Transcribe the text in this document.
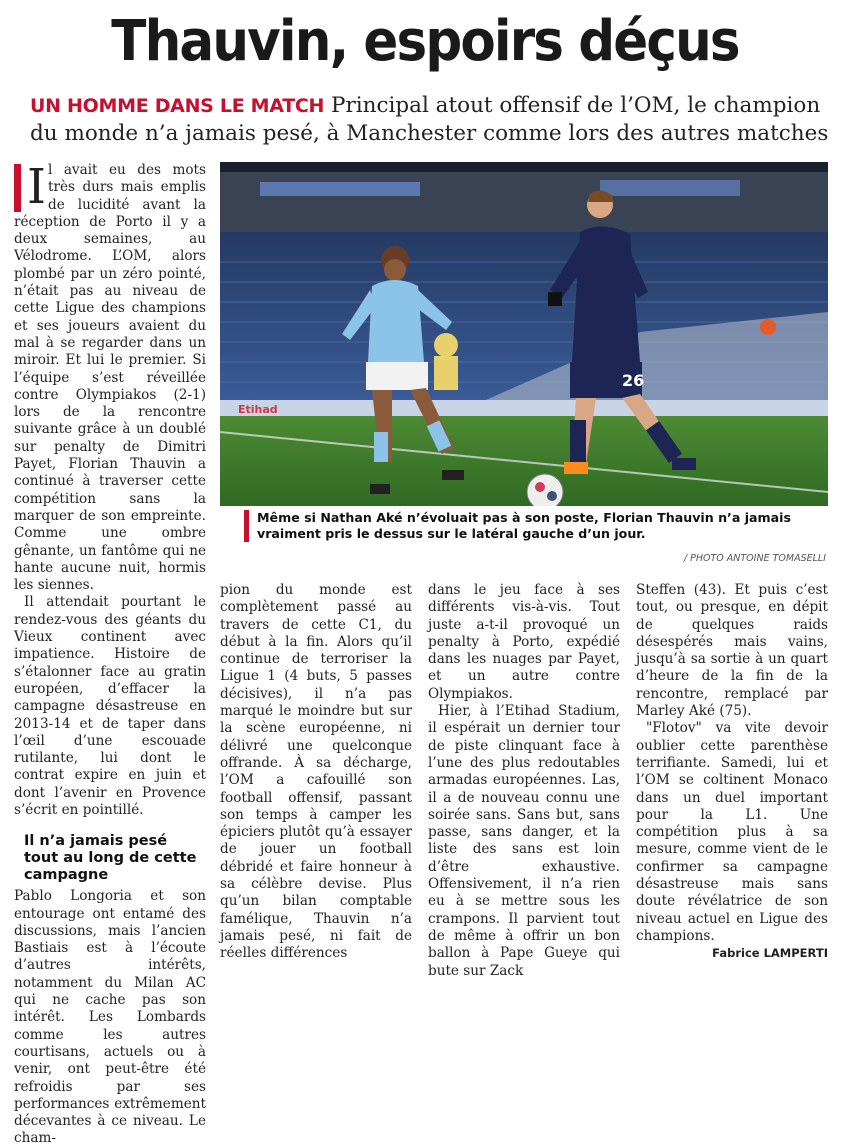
Thauvin, espoirs déçus
UN HOMME DANS LE MATCH Principal atout offensif de l’OM, le champion du monde n’a jamais pesé, à Manchester comme lors des autres matches
I l avait eu des mots très durs mais emplis de lucidité avant la réception de Porto il y a deux semaines, au Vélodrome. L’OM, alors plombé par un zéro pointé, n’était pas au niveau de cette Ligue des champions et ses joueurs avaient du mal à se regarder dans un miroir. Et lui le premier. Si l’équipe s’est réveillée contre Olympiakos (2-1) lors de la rencontre suivante grâce à un doublé sur penalty de Dimitri Payet, Florian Thauvin a continué à traverser cette compétition sans la marquer de son empreinte. Comme une ombre gênante, un fantôme qui ne hante aucune nuit, hormis les siennes.

Il attendait pourtant le rendez-vous des géants du Vieux continent avec impatience. Histoire de s’étalonner face au gratin européen, d’effacer la campagne désastreuse en 2013-14 et de taper dans l’œil d’une escouade rutilante, lui dont le contrat expire en juin et dont l’avenir en Provence s’écrit en pointillé.

Il n’a jamais pesé tout au long de cette campagne

Pablo Longoria et son entourage ont entamé des discussions, mais l’ancien Bastiais est à l’écoute d’autres intérêts, notamment du Milan AC qui ne cache pas son intérêt. Les Lombards comme les autres courtisans, actuels ou à venir, ont peut-être été refroidis par ses performances extrêmement décevantes à ce niveau. Le cham-

Etihad
26
Même si Nathan Aké n’évoluait pas à son poste, Florian Thauvin n’a jamais vraiment pris le dessus sur le latéral gauche d’un jour.
/ PHOTO ANTOINE TOMASELLI

pion du monde est complètement passé au travers de cette C1, du début à la fin. Alors qu’il continue de terroriser la Ligue 1 (4 buts, 5 passes décisives), il n’a pas marqué le moindre but sur la scène européenne, ni délivré une quelconque offrande. À sa décharge, l’OM a cafouillé son football offensif, passant son temps à camper les épiciers plutôt qu’à essayer de jouer un football débridé et faire honneur à sa célèbre devise. Plus qu’un bilan comptable famélique, Thauvin n’a jamais pesé, ni fait de réelles différences

dans le jeu face à ses différents vis-à-vis. Tout juste a-t-il provoqué un penalty à Porto, expédié dans les nuages par Payet, et un autre contre Olympiakos.

Hier, à l’Etihad Stadium, il espérait un dernier tour de piste clinquant face à l’une des plus redoutables armadas européennes. Las, il a de nouveau connu une soirée sans. Sans but, sans passe, sans danger, et la liste des sans est loin d’être exhaustive. Offensivement, il n’a rien eu à se mettre sous les crampons. Il parvient tout de même à offrir un bon ballon à Pape Gueye qui bute sur Zack

Steffen (43). Et puis c’est tout, ou presque, en dépit de quelques raids désespérés mais vains, jusqu’à sa sortie à un quart d’heure de la fin de la rencontre, remplacé par Marley Aké (75).

"Flotov" va vite devoir oublier cette parenthèse terrifiante. Samedi, lui et l’OM se coltinent Monaco dans un duel important pour la L1. Une compétition plus à sa mesure, comme vient de le confirmer sa campagne désastreuse mais sans doute révélatrice de son niveau actuel en Ligue des champions.

Fabrice LAMPERTI
